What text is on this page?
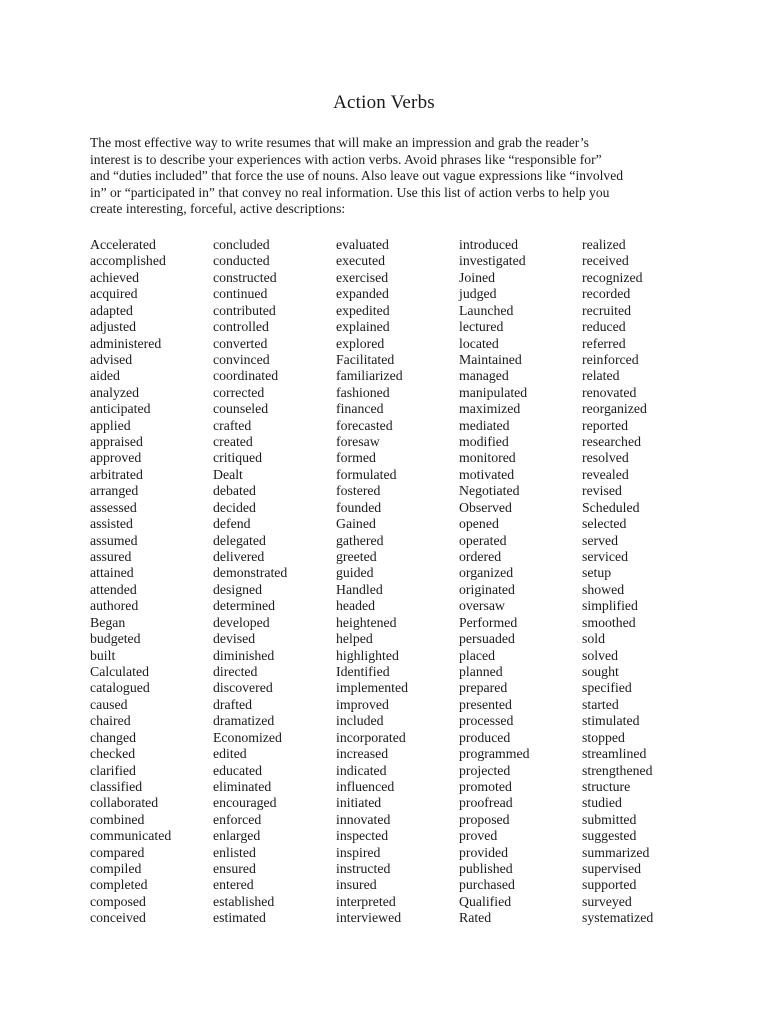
Action Verbs

The most effective way to write resumes that will make an impression and grab the reader’s
interest is to describe your experiences with action verbs. Avoid phrases like “responsible for”
and “duties included” that force the use of nouns. Also leave out vague expressions like “involved
in” or “participated in” that convey no real information. Use this list of action verbs to help you
create interesting, forceful, active descriptions:

Accelerated
accomplished
achieved
acquired
adapted
adjusted
administered
advised
aided
analyzed
anticipated
applied
appraised
approved
arbitrated
arranged
assessed
assisted
assumed
assured
attained
attended
authored
Began
budgeted
built
Calculated
catalogued
caused
chaired
changed
checked
clarified
classified
collaborated
combined
communicated
compared
compiled
completed
composed
conceived
concluded
conducted
constructed
continued
contributed
controlled
converted
convinced
coordinated
corrected
counseled
crafted
created
critiqued
Dealt
debated
decided
defend
delegated
delivered
demonstrated
designed
determined
developed
devised
diminished
directed
discovered
drafted
dramatized
Economized
edited
educated
eliminated
encouraged
enforced
enlarged
enlisted
ensured
entered
established
estimated
evaluated
executed
exercised
expanded
expedited
explained
explored
Facilitated
familiarized
fashioned
financed
forecasted
foresaw
formed
formulated
fostered
founded
Gained
gathered
greeted
guided
Handled
headed
heightened
helped
highlighted
Identified
implemented
improved
included
incorporated
increased
indicated
influenced
initiated
innovated
inspected
inspired
instructed
insured
interpreted
interviewed
introduced
investigated
Joined
judged
Launched
lectured
located
Maintained
managed
manipulated
maximized
mediated
modified
monitored
motivated
Negotiated
Observed
opened
operated
ordered
organized
originated
oversaw
Performed
persuaded
placed
planned
prepared
presented
processed
produced
programmed
projected
promoted
proofread
proposed
proved
provided
published
purchased
Qualified
Rated
realized
received
recognized
recorded
recruited
reduced
referred
reinforced
related
renovated
reorganized
reported
researched
resolved
revealed
revised
Scheduled
selected
served
serviced
setup
showed
simplified
smoothed
sold
solved
sought
specified
started
stimulated
stopped
streamlined
strengthened
structure
studied
submitted
suggested
summarized
supervised
supported
surveyed
systematized
